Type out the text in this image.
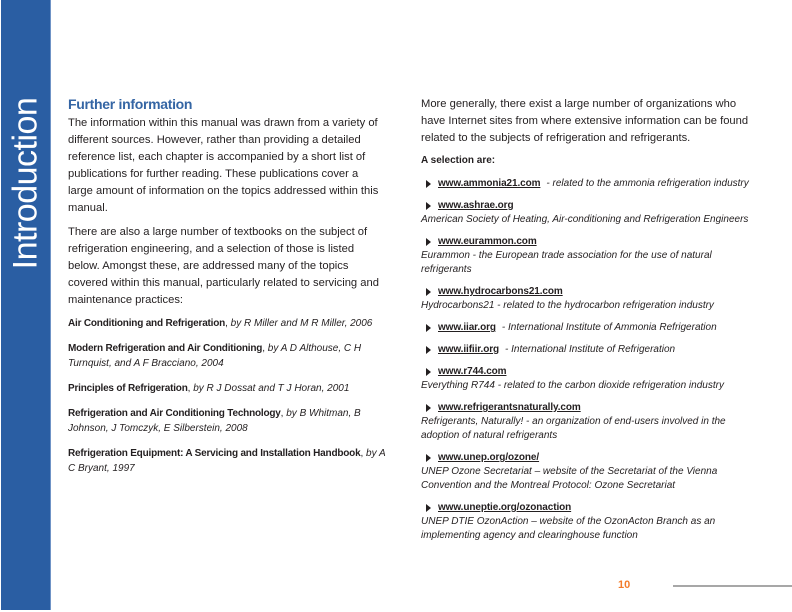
Introduction Further information

The information within this manual was drawn from a variety of different sources. However, rather than providing a detailed reference list, each chapter is accompanied by a short list of publications for further reading. These publications cover a large amount of information on the topics addressed within this manual.

There are also a large number of textbooks on the subject of refrigeration engineering, and a selection of those is listed below. Amongst these, are addressed many of the topics covered within this manual, particularly related to servicing and maintenance practices:

Air Conditioning and Refrigeration, by R Miller and M R Miller, 2006
Modern Refrigeration and Air Conditioning, by A D Althouse, C H Turnquist, and A F Bracciano, 2004
Principles of Refrigeration, by R J Dossat and T J Horan, 2001
Refrigeration and Air Conditioning Technology, by B Whitman, B Johnson, J Tomczyk, E Silberstein, 2008
Refrigeration Equipment: A Servicing and Installation Handbook, by A C Bryant, 1997

More generally, there exist a large number of organizations who have Internet sites from where extensive information can be found related to the subjects of refrigeration and refrigerants.

A selection are:
www.ammonia21.com - related to the ammonia refrigeration industry
www.ashrae.org
American Society of Heating, Air-conditioning and Refrigeration Engineers
www.eurammon.com
Eurammon - the European trade association for the use of natural refrigerants
www.hydrocarbons21.com
Hydrocarbons21 - related to the hydrocarbon refrigeration industry
www.iiar.org - International Institute of Ammonia Refrigeration
www.iifiir.org - International Institute of Refrigeration
www.r744.com
Everything R744 - related to the carbon dioxide refrigeration industry
www.refrigerantsnaturally.com
Refrigerants, Naturally! - an organization of end-users involved in the adoption of natural refrigerants
www.unep.org/ozone/
UNEP Ozone Secretariat – website of the Secretariat of the Vienna Convention and the Montreal Protocol: Ozone Secretariat
www.uneptie.org/ozonaction
UNEP DTIE OzonAction – website of the OzonActon Branch as an implementing agency and clearinghouse function
10
